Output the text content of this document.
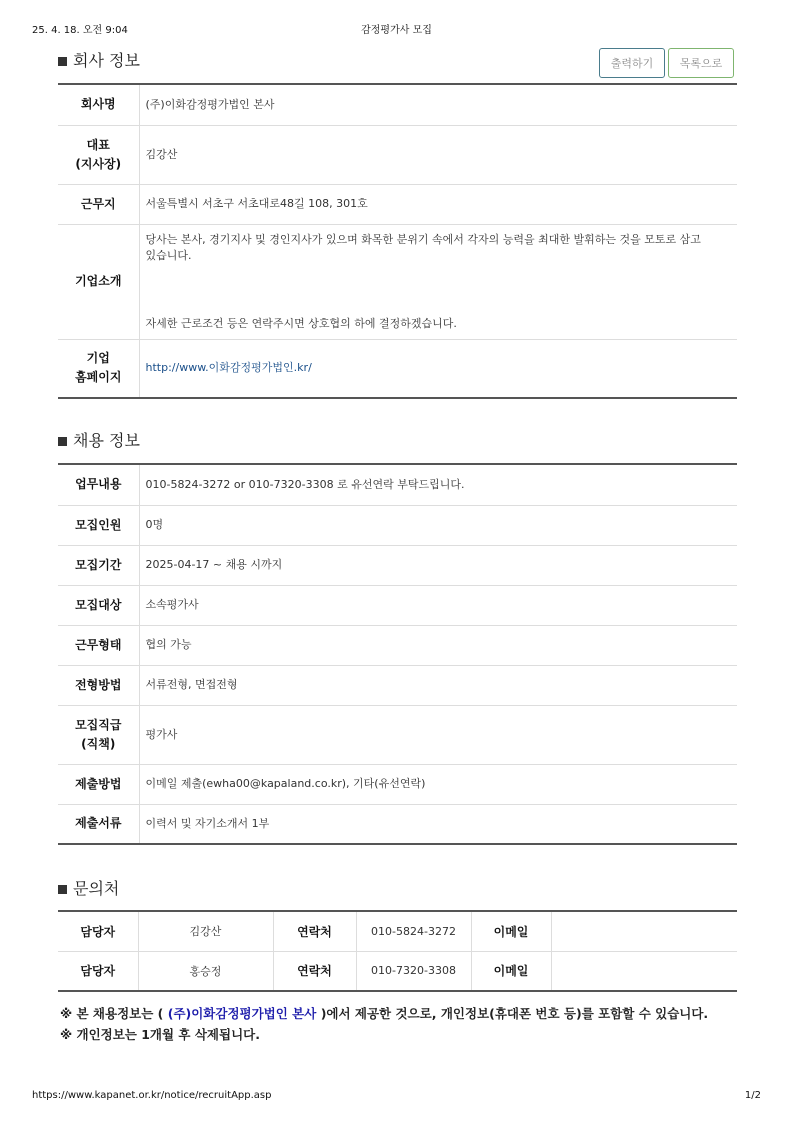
25. 4. 18. 오전 9:04	감정평가사 모집
회사 정보	출력하기	목록으로
회사명	(주)이화감정평가법인 본사
대표
(지사장)	김강산
근무지	서울특별시 서초구 서초대로48길 108, 301호
기업소개	당사는 본사, 경기지사 및 경인지사가 있으며 화목한 분위기 속에서 각자의 능력을 최대한 발휘하는 것을 모토로 삼고 있습니다.
자세한 근로조건 등은 연락주시면 상호협의 하에 결정하겠습니다.

기업
홈페이지	http://www.이화감정평가법인.kr/
채용 정보
업무내용	010-5824-3272 or 010-7320-3308 로 유선연락 부탁드립니다.
모집인원	0명
모집기간	2025-04-17 ~ 채용 시까지
모집대상	소속평가사
근무형태	협의 가능
전형방법	서류전형, 면접전형
모집직급
(직책)	평가사
제출방법	이메일 제출(ewha00@kapaland.co.kr), 기타(유선연락)
제출서류	이력서 및 자기소개서 1부
문의처
담당자	김강산	연락처	010-5824-3272	이메일	
담당자	홍승정	연락처	010-7320-3308	이메일	
※ 본 채용정보는 ( (주)이화감정평가법인 본사 )에서 제공한 것으로, 개인정보(휴대폰 번호 등)를 포함할 수 있습니다.
※ 개인정보는 1개월 후 삭제됩니다.
https://www.kapanet.or.kr/notice/recruitApp.asp	1/2
